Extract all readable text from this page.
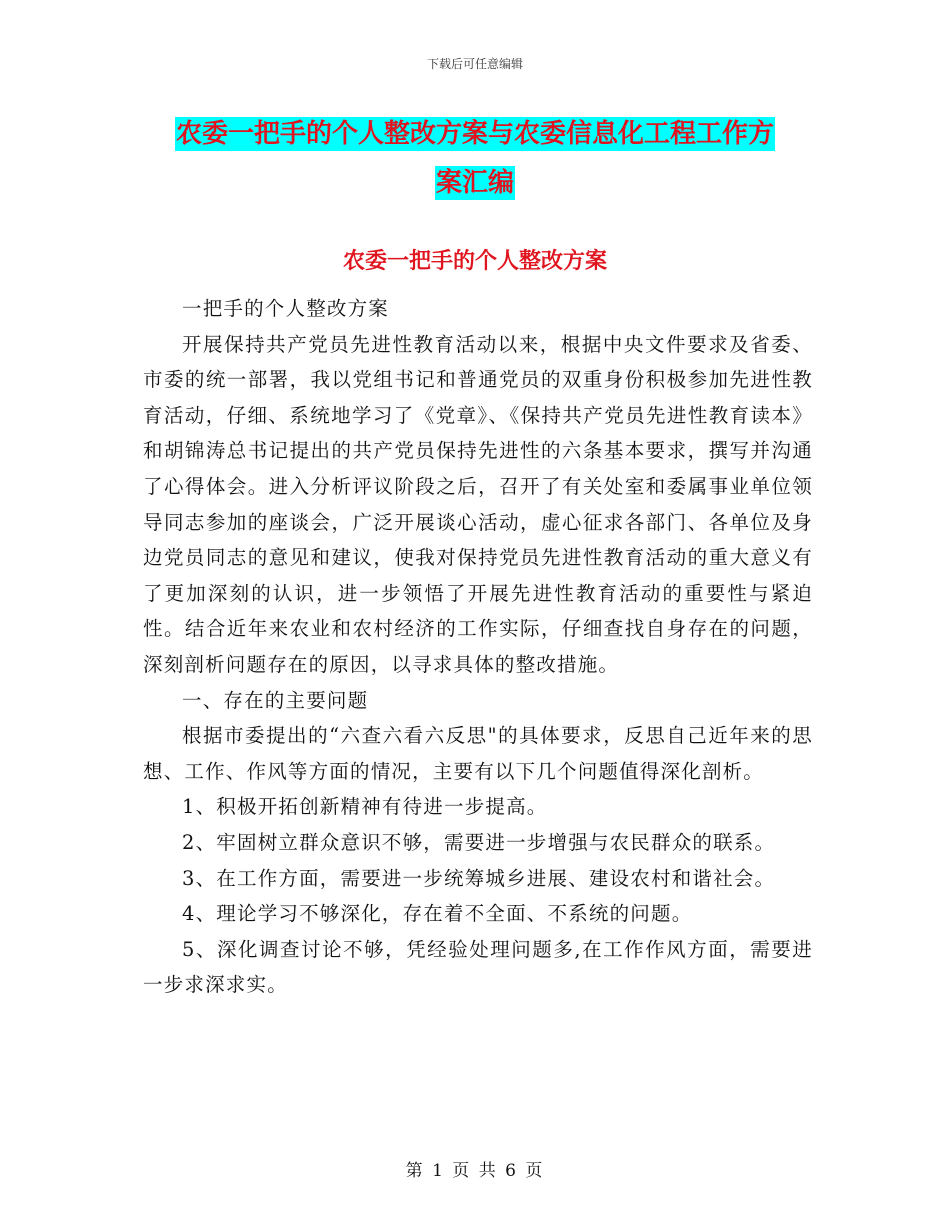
下载后可任意编辑
农委一把手的个人整改方案与农委信息化工程工作方
案汇编
农委一把手的个人整改方案

一把手的个人整改方案

开展保持共产党员先进性教育活动以来，根据中央文件要求及省委、市委的统一部署，我以党组书记和普通党员的双重身份积极参加先进性教育活动，仔细、系统地学习了《党章》、《保持共产党员先进性教育读本》和胡锦涛总书记提出的共产党员保持先进性的六条基本要求，撰写并沟通了心得体会。进入分析评议阶段之后，召开了有关处室和委属事业单位领导同志参加的座谈会，广泛开展谈心活动，虚心征求各部门、各单位及身边党员同志的意见和建议，使我对保持党员先进性教育活动的重大意义有了更加深刻的认识，进一步领悟了开展先进性教育活动的重要性与紧迫性。结合近年来农业和农村经济的工作实际，仔细查找自身存在的问题，深刻剖析问题存在的原因，以寻求具体的整改措施。

一、存在的主要问题

根据市委提出的“六查六看六反思"的具体要求，反思自己近年来的思想、工作、作风等方面的情况，主要有以下几个问题值得深化剖析。

1、积极开拓创新精神有待进一步提高。

2、牢固树立群众意识不够，需要进一步增强与农民群众的联系。

3、在工作方面，需要进一步统筹城乡进展、建设农村和谐社会。

4、理论学习不够深化，存在着不全面、不系统的问题。

5、深化调查讨论不够，凭经验处理问题多,在工作作风方面，需要进一步求深求实。

第 1 页 共 6 页
